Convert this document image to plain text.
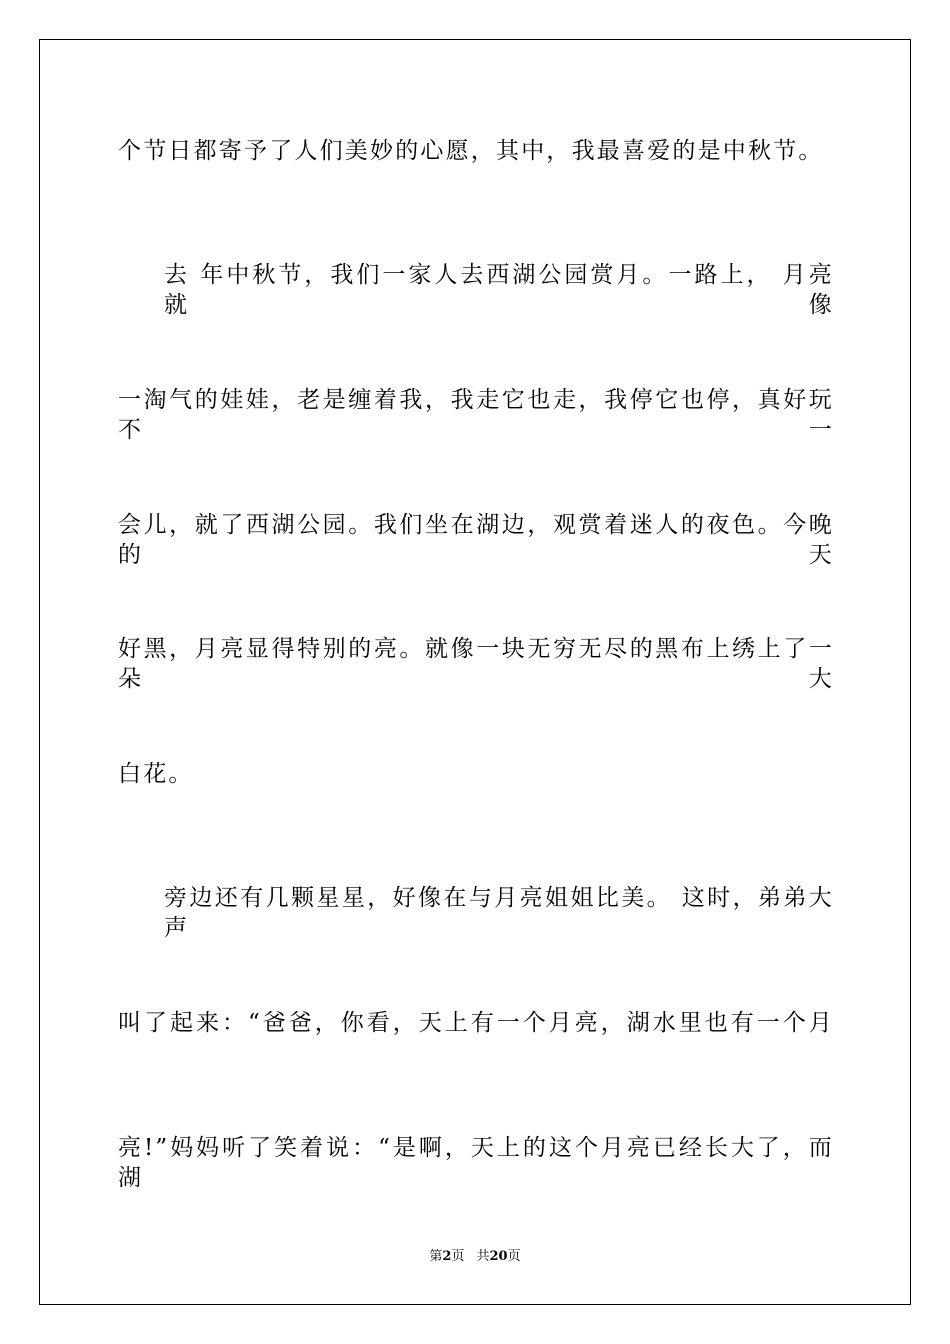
个节日都寄予了人们美妙的心愿，其中，我最喜爱的是中秋节。
去 年中秋节，我们一家人去西湖公园赏月。一路上， 月亮就像
一淘气的娃娃，老是缠着我，我走它也走，我停它也停，真好玩不一
会儿，就了西湖公园。我们坐在湖边，观赏着迷人的夜色。今晚的天
好黑，月亮显得特别的亮。就像一块无穷无尽的黑布上绣上了一朵大
白花。
旁边还有几颗星星，好像在与月亮姐姐比美。 这时，弟弟大声
叫了起来：“爸爸，你看，天上有一个月亮，湖水里也有一个月
亮!”妈妈听了笑着说：“是啊，天上的这个月亮已经长大了，而湖
第2页 共20页
